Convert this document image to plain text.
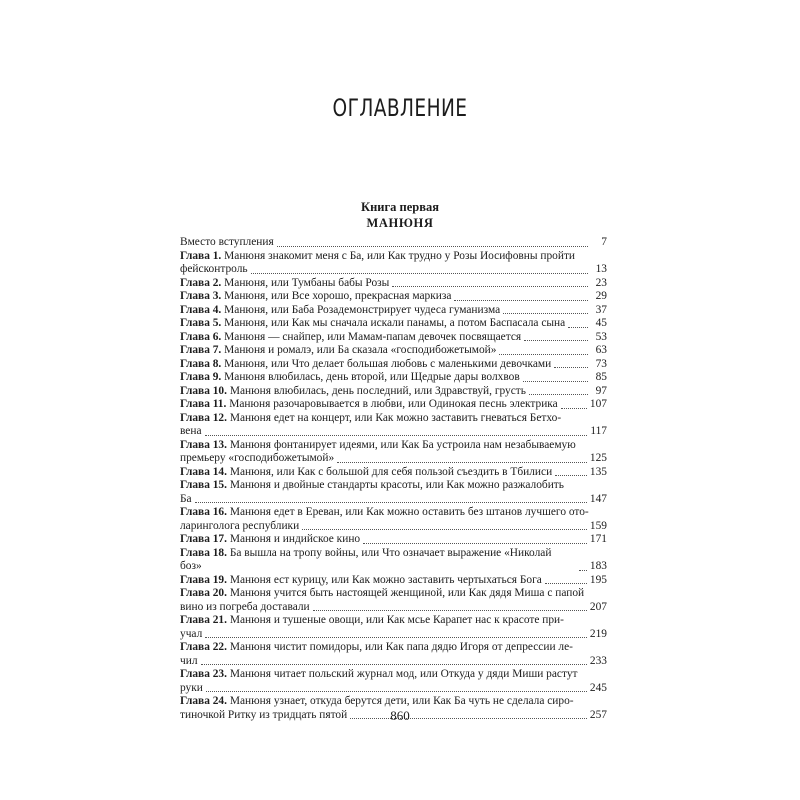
ОГЛАВЛЕНИЕ
Книга первая
МАНЮНЯ
Вместо вступления	7
Глава 1. Манюня знакомит меня с Ба, или Как трудно у Розы Иосифовны пройти
фейсконтроль	13
Глава 2. Манюня, или Тумбаны бабы Розы	23
Глава 3. Манюня, или Все хорошо, прекрасная маркиза	29
Глава 4. Манюня, или Баба Розадемонстрирует чудеса гуманизма	37
Глава 5. Манюня, или Как мы сначала искали панамы, а потом Баспасала сына	45
Глава 6. Манюня — снайпер, или Мамам-папам девочек посвящается	53
Глава 7. Манюня и ромалэ, или Ба сказала «господибожетымой»	63
Глава 8. Манюня, или Что делает большая любовь с маленькими девочками	73
Глава 9. Манюня влюбилась, день второй, или Щедрые дары волхвов	85
Глава 10. Манюня влюбилась, день последний, или Здравствуй, грусть	97
Глава 11. Манюня разочаровывается в любви, или Одинокая песнь электрика	107
Глава 12. Манюня едет на концерт, или Как можно заставить гневаться Бетхо-
вена	117
Глава 13. Манюня фонтанирует идеями, или Как Ба устроила нам незабываемую
премьеру «господибожетымой»	125
Глава 14. Манюня, или Как с большой для себя пользой съездить в Тбилиси	135
Глава 15. Манюня и двойные стандарты красоты, или Как можно разжалобить
Ба	147
Глава 16. Манюня едет в Ереван, или Как можно оставить без штанов лучшего ото-
ларинголога республики	159
Глава 17. Манюня и индийское кино	171
Глава 18. Ба вышла на тропу войны, или Что означает выражение «Николай боз»	183
Глава 19. Манюня ест курицу, или Как можно заставить чертыхаться Бога	195
Глава 20. Манюня учится быть настоящей женщиной, или Как дядя Миша с папой
вино из погреба доставали	207
Глава 21. Манюня и тушеные овощи, или Как мсье Карапет нас к красоте при-
учал	219
Глава 22. Манюня чистит помидоры, или Как папа дядю Игоря от депрессии ле-
чил	233
Глава 23. Манюня читает польский журнал мод, или Откуда у дяди Миши растут
руки	245
Глава 24. Манюня узнает, откуда берутся дети, или Как Ба чуть не сделала сиро-
тиночкой Ритку из тридцать пятой	257
860
